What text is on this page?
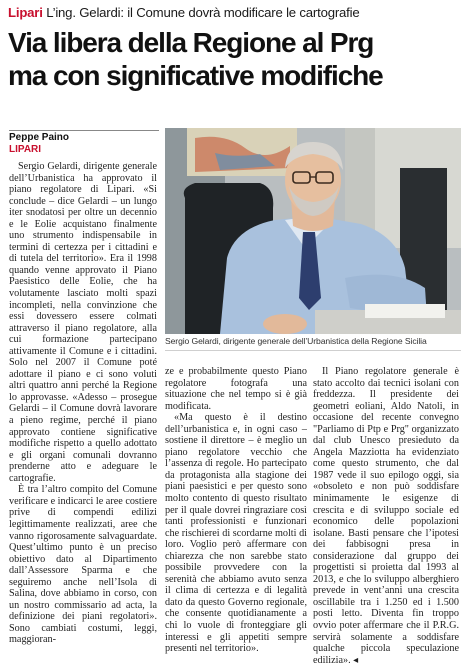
Lipari L’ing. Gelardi: il Comune dovrà modificare le cartografie
Via libera della Regione al Prg
ma con significative modifiche
Peppe Paino
LIPARI

Sergio Gelardi, dirigente generale dell’Urbanistica ha approvato il piano regolatore di Lipari. «Si conclude – dice Gelardi – un lungo iter snodatosi per oltre un decennio e le Eolie acquistano finalmente uno strumento indispensabile in termini di certezza per i cittadini e di tutela del territorio». Era il 1998 quando venne approvato il Piano Paesistico delle Eolie, che ha volutamente lasciato molti spazi incompleti, nella convinzione che essi dovessero essere colmati attraverso il piano regolatore, alla cui formazione partecipano attivamente il Comune e i cittadini. Solo nel 2007 il Comune poté adottare il piano e ci sono voluti altri quattro anni perché la Regione lo approvasse. «Adesso – prosegue Gelardi – il Comune dovrà lavorare a pieno regime, perché il piano approvato contiene significative modifiche rispetto a quello adottato e gli organi comunali dovranno prenderne atto e adeguare le cartografie.

È tra l’altro compito del Comune verificare e indicarci le aree costiere prive di compendi edilizi legittimamente realizzati, aree che vanno rigorosamente salvaguardate. Quest’ultimo punto è un preciso obiettivo dato al Dipartimento dall’Assessore Sparma e che seguiremo anche nell’Isola di Salina, dove abbiamo in corso, con un nostro commissario ad acta, la definizione dei piani regolatori». Sono cambiati costumi, leggi, maggioran-

Sergio Gelardi, dirigente generale dell’Urbanistica della Regione Sicilia

ze e probabilmente questo Piano regolatore fotografa una situazione che nel tempo si è già modificata.

«Ma questo è il destino dell’urbanistica e, in ogni caso – sostiene il direttore – è meglio un piano regolatore vecchio che l’assenza di regole. Ho partecipato da protagonista alla stagione dei piani paesistici e per questo sono molto contento di questo risultato per il quale dovrei ringraziare così tanti professionisti e funzionari che rischierei di scordarne molti di loro. Voglio però affermare con chiarezza che non sarebbe stato possibile provvedere con la serenità che abbiamo avuto senza il clima di certezza e di legalità dato da questo Governo regionale, che consente quotidianamente a chi lo vuole di fronteggiare gli interessi e gli appetiti sempre presenti nel territorio».

Il Piano regolatore generale è stato accolto dai tecnici isolani con freddezza. Il presidente dei geometri eoliani, Aldo Natoli, in occasione del recente convegno "Parliamo di Ptp e Prg" organizzato dal club Unesco presieduto da Angela Mazziotta ha evidenziato come questo strumento, che dal 1987 vede il suo epilogo oggi, sia «obsoleto e non può soddisfare minimamente le esigenze di crescita e di sviluppo sociale ed economico delle popolazioni isolane. Basti pensare che l’ipotesi dei fabbisogni presa in considerazione dal gruppo dei progettisti si proietta dal 1993 al 2013, e che lo sviluppo alberghiero prevede in vent’anni una crescita oscillabile tra i 1.250 ed i 1.500 posti letto. Diventa fin troppo ovvio poter affermare che il P.R.G. servirà solamente a soddisfare qualche piccola speculazione edilizia». ◂
